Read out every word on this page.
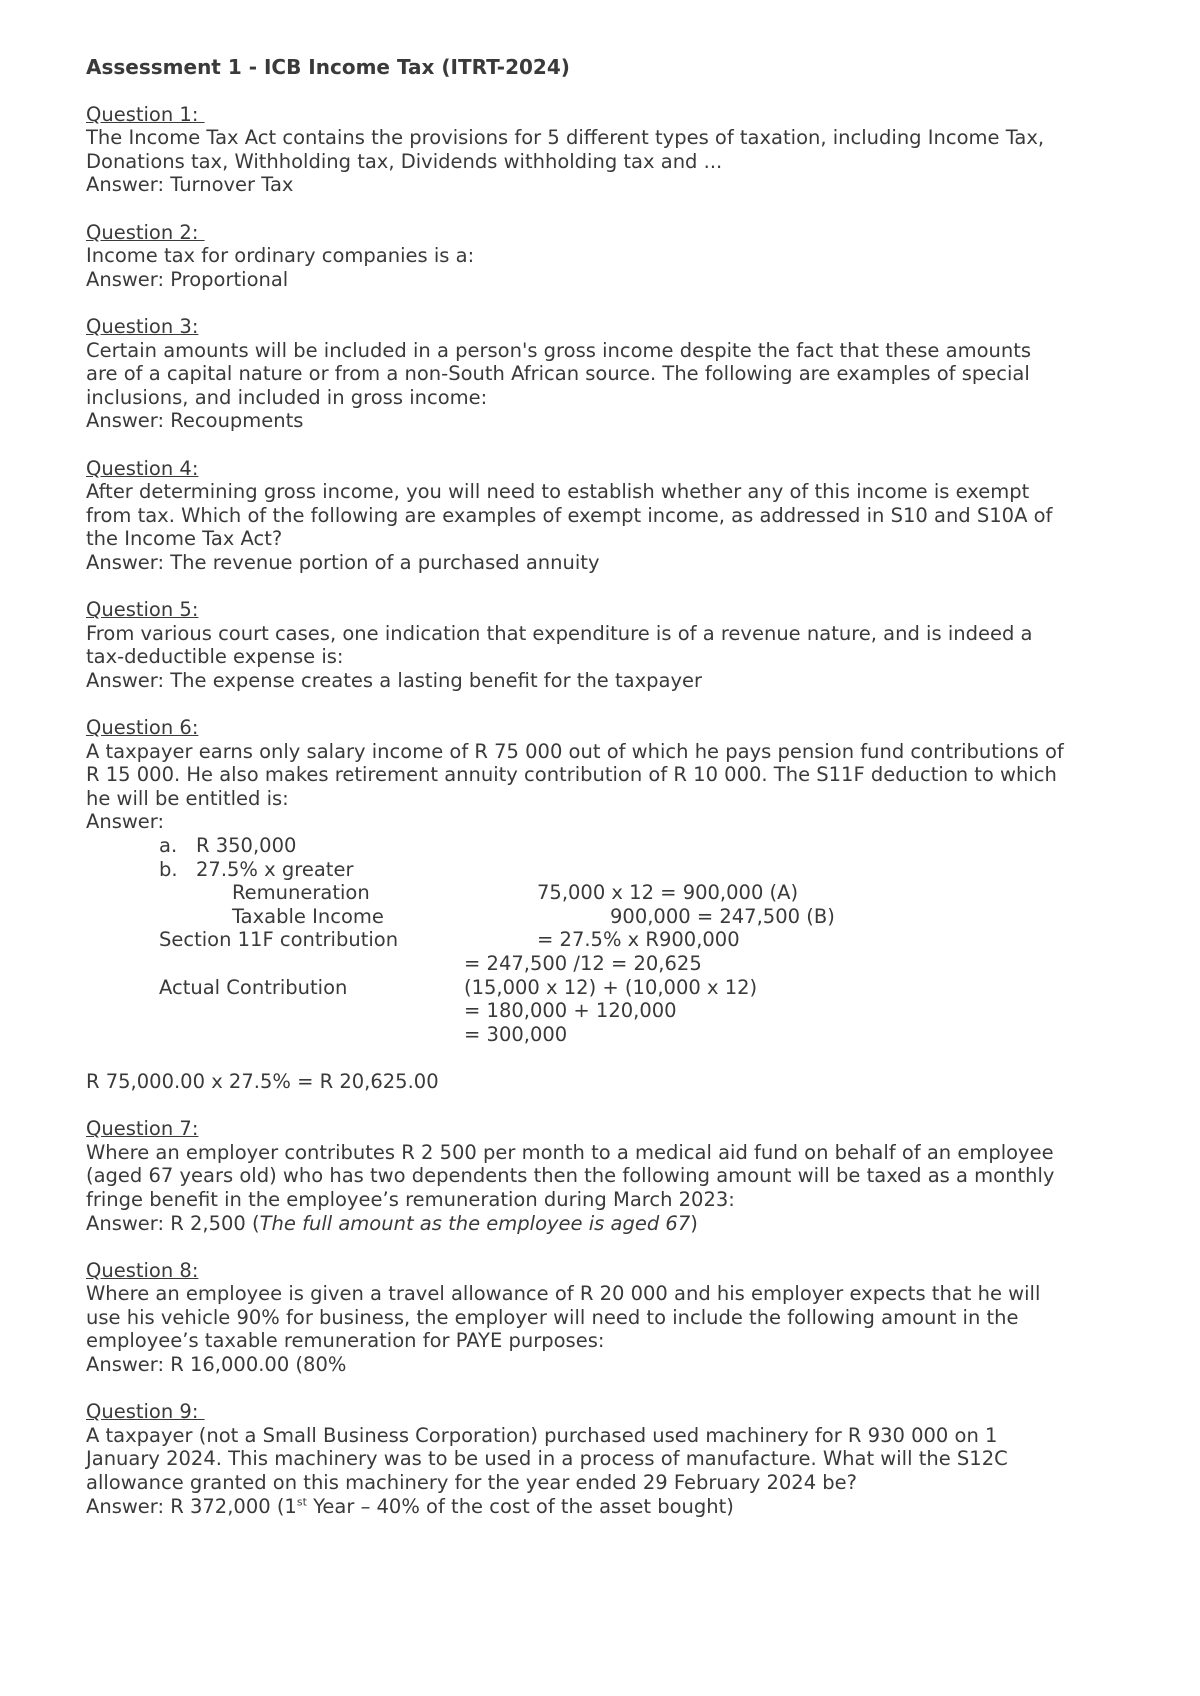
Assessment 1 - ICB Income Tax (ITRT-2024)
Question 1:
The Income Tax Act contains the provisions for 5 different types of taxation, including Income Tax,
Donations tax, Withholding tax, Dividends withholding tax and ...
Answer: Turnover Tax
Question 2:
Income tax for ordinary companies is a:
Answer: Proportional
Question 3:
Certain amounts will be included in a person's gross income despite the fact that these amounts
are of a capital nature or from a non-South African source. The following are examples of special
inclusions, and included in gross income:
Answer: Recoupments
Question 4:
After determining gross income, you will need to establish whether any of this income is exempt
from tax. Which of the following are examples of exempt income, as addressed in S10 and S10A of
the Income Tax Act?
Answer: The revenue portion of a purchased annuity
Question 5:
From various court cases, one indication that expenditure is of a revenue nature, and is indeed a
tax-deductible expense is:
Answer: The expense creates a lasting benefit for the taxpayer
Question 6:
A taxpayer earns only salary income of R 75 000 out of which he pays pension fund contributions of
R 15 000. He also makes retirement annuity contribution of R 10 000. The S11F deduction to which
he will be entitled is:
Answer:
a. R 350,000
b. 27.5% x greater
Remuneration	75,000 x 12 = 900,000 (A)
Taxable Income	900,000 = 247,500 (B)
Section 11F contribution	= 27.5% x R900,000
= 247,500 /12 = 20,625
Actual Contribution	(15,000 x 12) + (10,000 x 12)
= 180,000 + 120,000
= 300,000
R 75,000.00 x 27.5% = R 20,625.00
Question 7:
Where an employer contributes R 2 500 per month to a medical aid fund on behalf of an employee
(aged 67 years old) who has two dependents then the following amount will be taxed as a monthly
fringe benefit in the employee’s remuneration during March 2023:
Answer: R 2,500 (The full amount as the employee is aged 67)
Question 8:
Where an employee is given a travel allowance of R 20 000 and his employer expects that he will
use his vehicle 90% for business, the employer will need to include the following amount in the
employee’s taxable remuneration for PAYE purposes:
Answer: R 16,000.00 (80%
Question 9:
A taxpayer (not a Small Business Corporation) purchased used machinery for R 930 000 on 1
January 2024. This machinery was to be used in a process of manufacture. What will the S12C
allowance granted on this machinery for the year ended 29 February 2024 be?
Answer: R 372,000 (1st Year – 40% of the cost of the asset bought)
